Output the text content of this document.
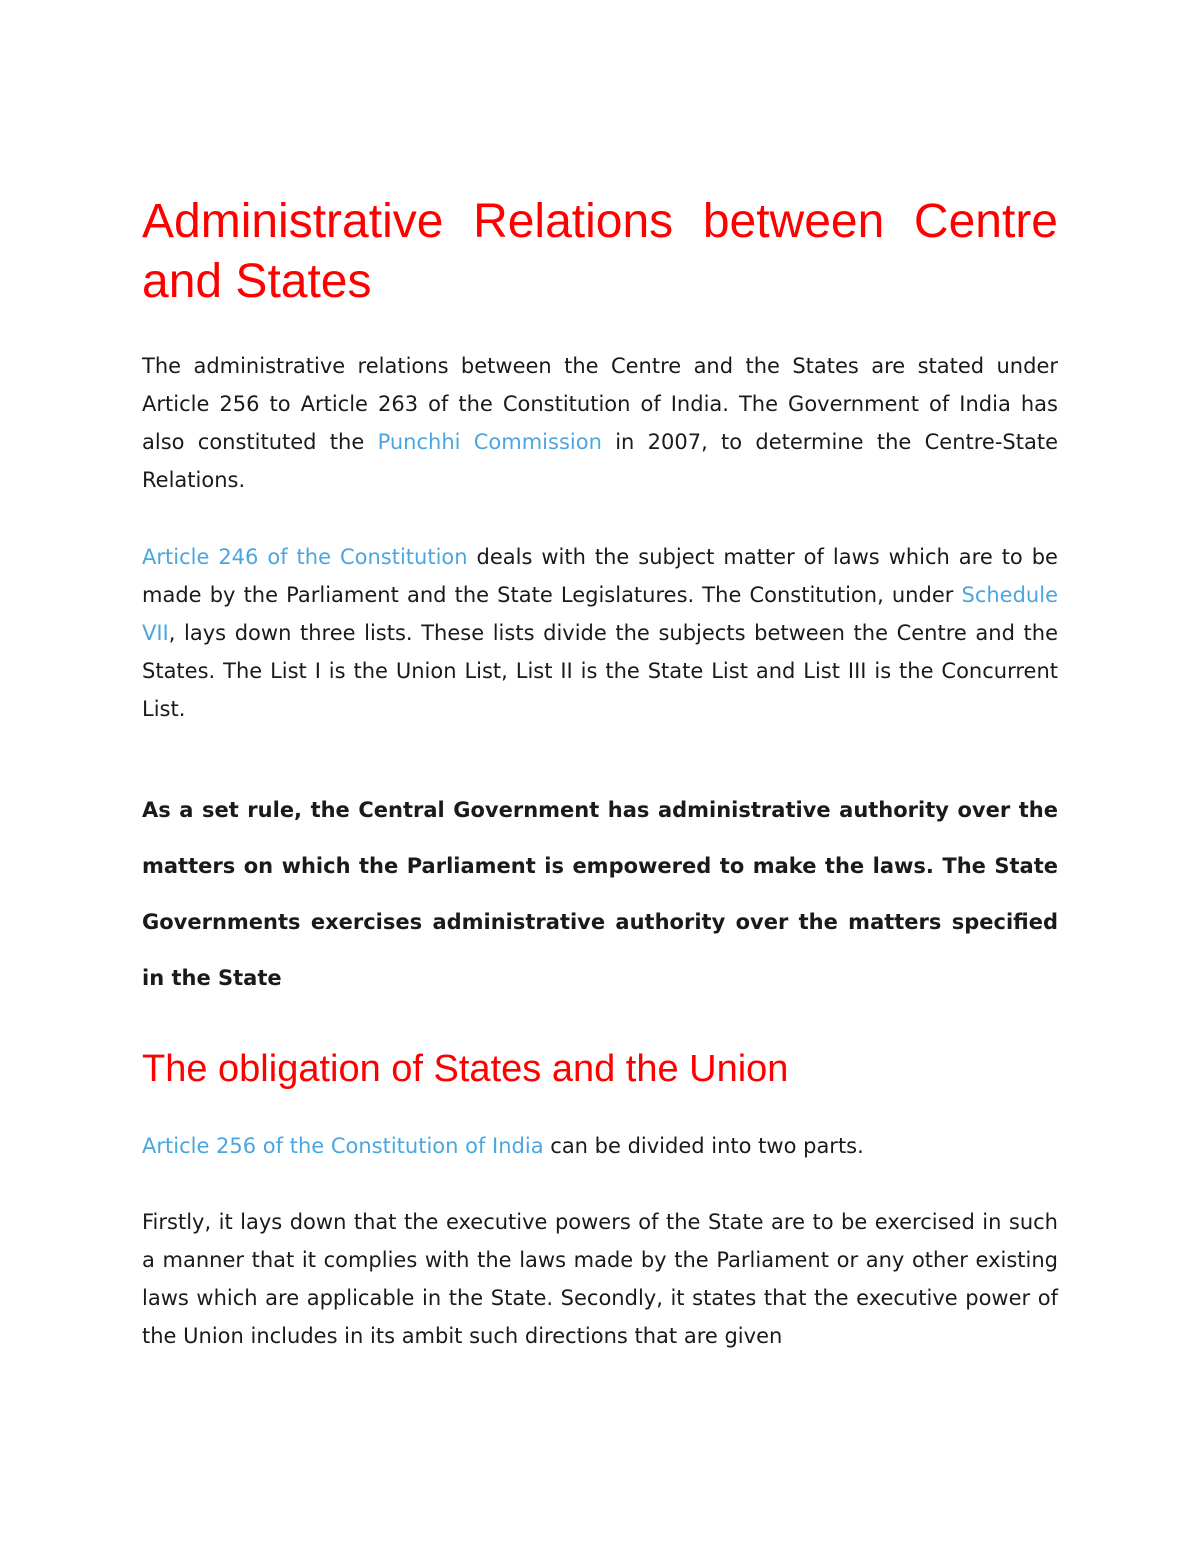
Administrative Relations between Centre and States

The administrative relations between the Centre and the States are stated under Article 256 to Article 263 of the Constitution of India. The Government of India has also constituted the Punchhi Commission in 2007, to determine the Centre-State Relations.

Article 246 of the Constitution deals with the subject matter of laws which are to be made by the Parliament and the State Legislatures. The Constitution, under Schedule VII, lays down three lists. These lists divide the subjects between the Centre and the States. The List I is the Union List, List II is the State List and List III is the Concurrent List.

As a set rule, the Central Government has administrative authority over the matters on which the Parliament is empowered to make the laws. The State Governments exercises administrative authority over the matters specified in the State

The obligation of States and the Union

Article 256 of the Constitution of India can be divided into two parts.

Firstly, it lays down that the executive powers of the State are to be exercised in such a manner that it complies with the laws made by the Parliament or any other existing laws which are applicable in the State. Secondly, it states that the executive power of the Union includes in its ambit such directions that are given
